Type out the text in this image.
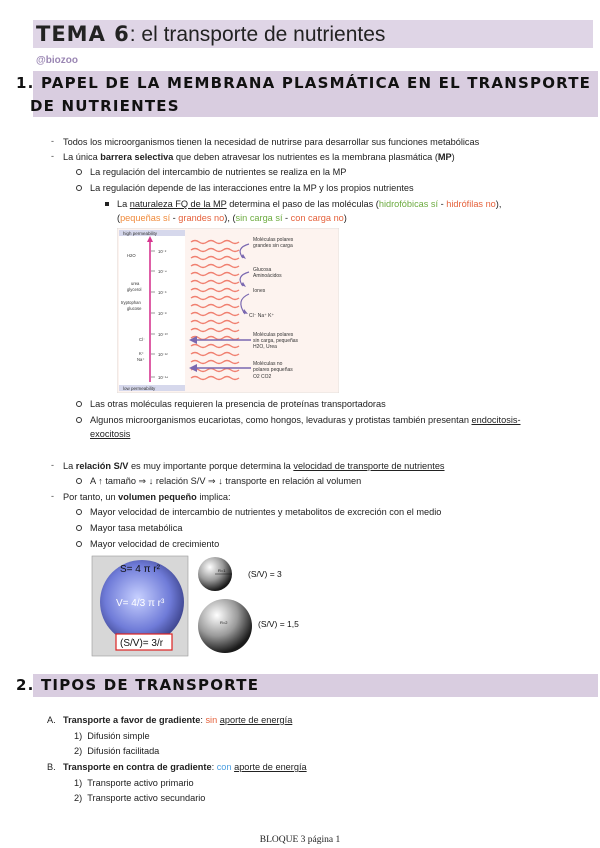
TEMA 6: el transporte de nutrientes
@biozoo
1. PAPEL DE LA MEMBRANA PLASMÁTICA EN EL TRANSPORTE
DE NUTRIENTES
- Todos los microorganismos tienen la necesidad de nutrirse para desarrollar sus funciones metabólicas
- La única barrera selectiva que deben atravesar los nutrientes es la membrana plasmática (MP)
La regulación del intercambio de nutrientes se realiza en la MP
La regulación depende de las interacciones entre la MP y los propios nutrientes
La naturaleza FQ de la MP determina el paso de las moléculas (hidrofóbicas sí - hidrófilas no),
(pequeñas sí - grandes no), (sin carga sí - con carga no)
high permeability
low permeability
H2O
urea
glycerol
tryptophan
glucose
Cl⁻
K⁺
Na⁺
10⁻²
10⁻⁴
10⁻⁶
10⁻⁸
10⁻¹⁰
10⁻¹²
10⁻¹⁴
Moléculas polares
grandes sin carga
Glucosa
Aminoácidos
Iones
Cl⁻ Na⁺ K⁺
Moléculas polares
sin carga, pequeñas
H2O, Urea
Moléculas no
polares pequeñas
O2 CO2
Las otras moléculas requieren la presencia de proteínas transportadoras
Algunos microorganismos eucariotas, como hongos, levaduras y protistas también presentan endocitosis-
exocitosis
- La relación S/V es muy importante porque determina la velocidad de transporte de nutrientes
A ↑ tamaño ⇒ ↓ relación S/V ⇒ ↓ transporte en relación al volumen
- Por tanto, un volumen pequeño implica:
Mayor velocidad de intercambio de nutrientes y metabolitos de excreción con el medio
Mayor tasa metabólica
Mayor velocidad de crecimiento
S= 4 π r²
V= 4/3 π r³
(S/V)= 3/r
R=1	(S/V) = 3
R=2	(S/V) = 1,5
2. TIPOS DE TRANSPORTE
A. Transporte a favor de gradiente: sin aporte de energía
1)  Difusión simple
2)  Difusión facilitada
B. Transporte en contra de gradiente: con aporte de energía
1)  Transporte activo primario
2)  Transporte activo secundario
BLOQUE 3 página 1
